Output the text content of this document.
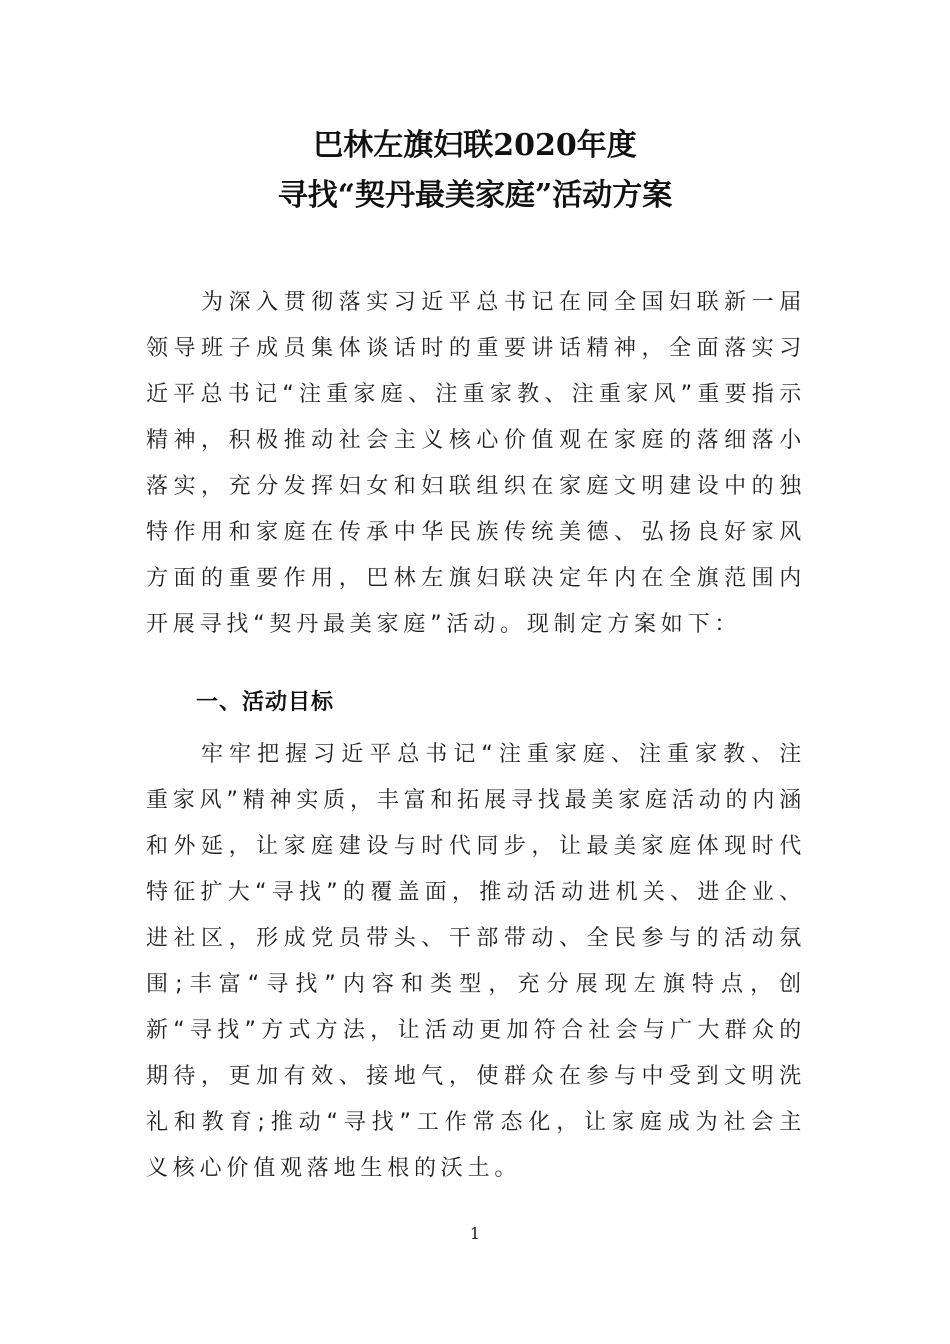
巴林左旗妇联2020年度
寻找“契丹最美家庭”活动方案

为深入贯彻落实习近平总书记在同全国妇联新一届领导班子成员集体谈话时的重要讲话精神，全面落实习近平总书记“注重家庭、注重家教、注重家风”重要指示精神，积极推动社会主义核心价值观在家庭的落细落小落实，充分发挥妇女和妇联组织在家庭文明建设中的独特作用和家庭在传承中华民族传统美德、弘扬良好家风方面的重要作用，巴林左旗妇联决定年内在全旗范围内开展寻找“契丹最美家庭”活动。现制定方案如下：

一、活动目标

牢牢把握习近平总书记“注重家庭、注重家教、注重家风”精神实质，丰富和拓展寻找最美家庭活动的内涵和外延，让家庭建设与时代同步，让最美家庭体现时代特征扩大“寻找”的覆盖面，推动活动进机关、进企业、进社区，形成党员带头、干部带动、全民参与的活动氛围;丰富“寻找”内容和类型，充分展现左旗特点，创新“寻找”方式方法，让活动更加符合社会与广大群众的期待，更加有效、接地气，使群众在参与中受到文明洗礼和教育;推动“寻找”工作常态化，让家庭成为社会主义核心价值观落地生根的沃土。

1
